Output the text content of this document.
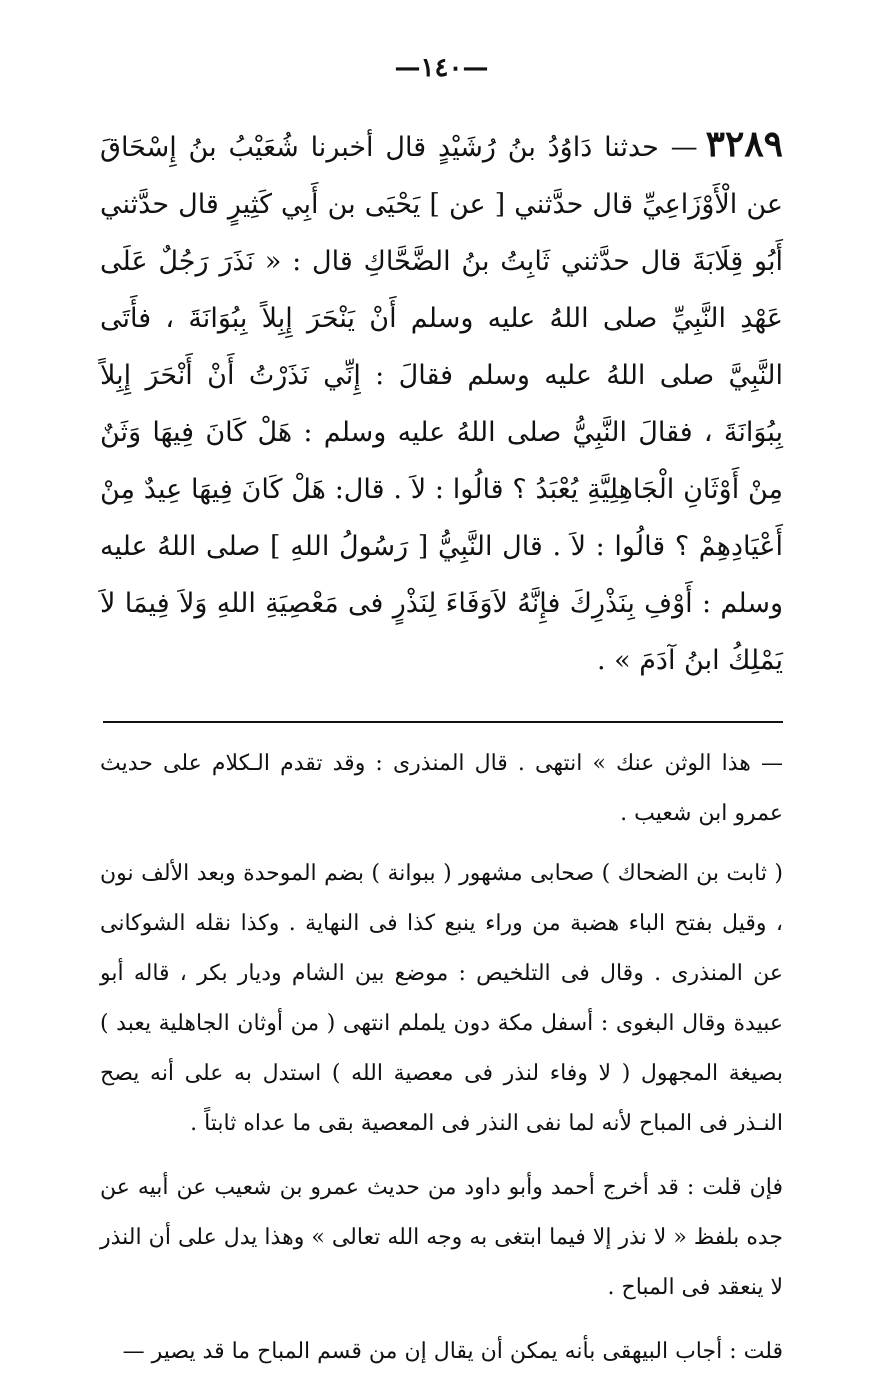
—١٤٠—

٣٢٨٩— حدثنا دَاوُدُ بنُ رُشَيْدٍ قال أخبرنا شُعَيْبُ بنُ إِسْحَاقَ عن الْأَوْزَاعِيِّ قال حدَّثني [ عن ] يَحْيَى بن أَبِي كَثِيرٍ قال حدَّثني أَبُو قِلَابَةَ قال حدَّثني ثَابِتُ بنُ الضَّحَّاكِ قال : « نَذَرَ رَجُلٌ عَلَى عَهْدِ النَّبِيِّ صلى اللهُ عليه وسلم أَنْ يَنْحَرَ إِبِلاً بِبُوَانَةَ ، فأَتَى النَّبِيَّ صلى اللهُ عليه وسلم فقالَ : إِنِّي نَذَرْتُ أَنْ أَنْحَرَ إِبِلاً بِبُوَانَةَ ، فقالَ النَّبِيُّ صلى اللهُ عليه وسلم : هَلْ كَانَ فِيهَا وَثَنٌ مِنْ أَوْثَانِ الْجَاهِلِيَّةِ يُعْبَدُ ؟ قالُوا : لاَ . قال: هَلْ كَانَ فِيهَا عِيدٌ مِنْ أَعْيَادِهِمْ ؟ قالُوا : لاَ . قال النَّبِيُّ [ رَسُولُ اللهِ ] صلى اللهُ عليه وسلم : أَوْفِ بِنَذْرِكَ فإِنَّهُ لاَوَفَاءَ لِنَذْرٍ فى مَعْصِيَةِ اللهِ وَلاَ فِيمَا لاَ يَمْلِكُ ابنُ آدَمَ » .

— هذا الوثن عنك » انتهى . قال المنذرى : وقد تقدم الـكلام على حديث عمرو ابن شعيب .

( ثابت بن الضحاك ) صحابى مشهور ( ببوانة ) بضم الموحدة وبعد الألف نون ، وقيل بفتح الباء هضبة من وراء ينبع كذا فى النهاية . وكذا نقله الشوكانى عن المنذرى . وقال فى التلخيص : موضع بين الشام وديار بكر ، قاله أبو عبيدة وقال البغوى : أسفل مكة دون يلملم انتهى ( من أوثان الجاهلية يعبد ) بصيغة المجهول ( لا وفاء لنذر فى معصية الله ) استدل به على أنه يصح النـذر فى المباح لأنه لما نفى النذر فى المعصية بقى ما عداه ثابتاً .

فإن قلت : قد أخرج أحمد وأبو داود من حديث عمرو بن شعيب عن أبيه عن جده بلفظ « لا نذر إلا فيما ابتغى به وجه الله تعالى » وهذا يدل على أن النذر لا ينعقد فى المباح .

قلت : أجاب البيهقى بأنه يمكن أن يقال إن من قسم المباح ما قد يصير —
